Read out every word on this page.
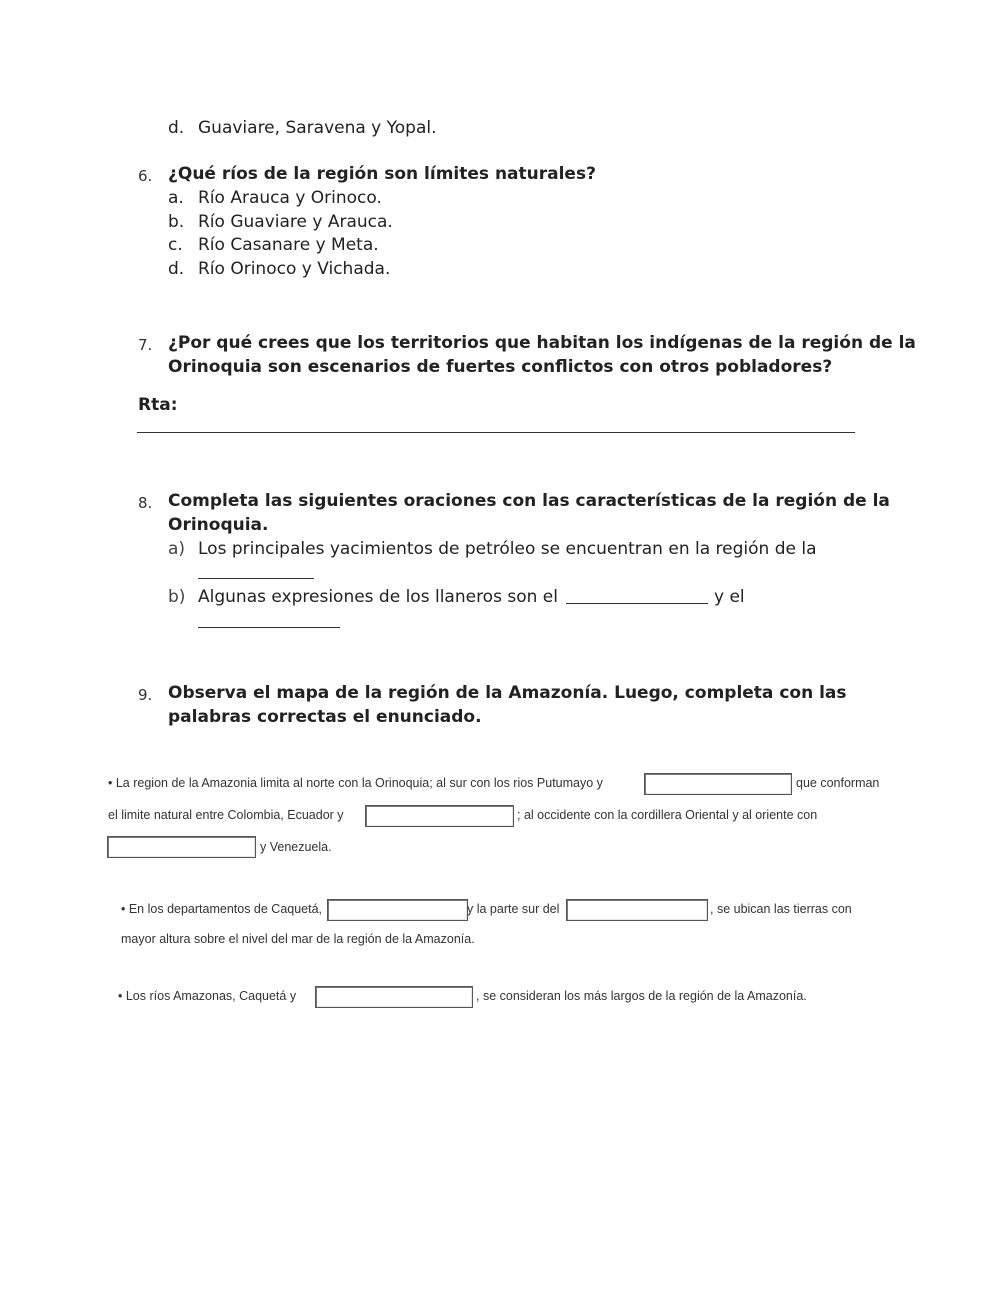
d. Guaviare, Saravena y Yopal.
6. ¿Qué ríos de la región son límites naturales?
a. Río Arauca y Orinoco.
b. Río Guaviare y Arauca.
c. Río Casanare y Meta.
d. Río Orinoco y Vichada.
7. ¿Por qué crees que los territorios que habitan los indígenas de la región de la
Orinoquia son escenarios de fuertes conflictos con otros pobladores?
Rta:
8. Completa las siguientes oraciones con las características de la región de la
Orinoquia.
a) Los principales yacimientos de petróleo se encuentran en la región de la
b) Algunas expresiones de los llaneros son el	y el
9. Observa el mapa de la región de la Amazonía. Luego, completa con las
palabras correctas el enunciado.
• La region de la Amazonia limita al norte con la Orinoquia; al sur con los rios Putumayo y	que conforman
el limite natural entre Colombia, Ecuador y	; al occidente con la cordillera Oriental y al oriente con
y Venezuela.
• En los departamentos de Caquetá,	y la parte sur del	, se ubican las tierras con
mayor altura sobre el nivel del mar de la región de la Amazonía.
• Los ríos Amazonas, Caquetá y	, se consideran los más largos de la región de la Amazonía.
